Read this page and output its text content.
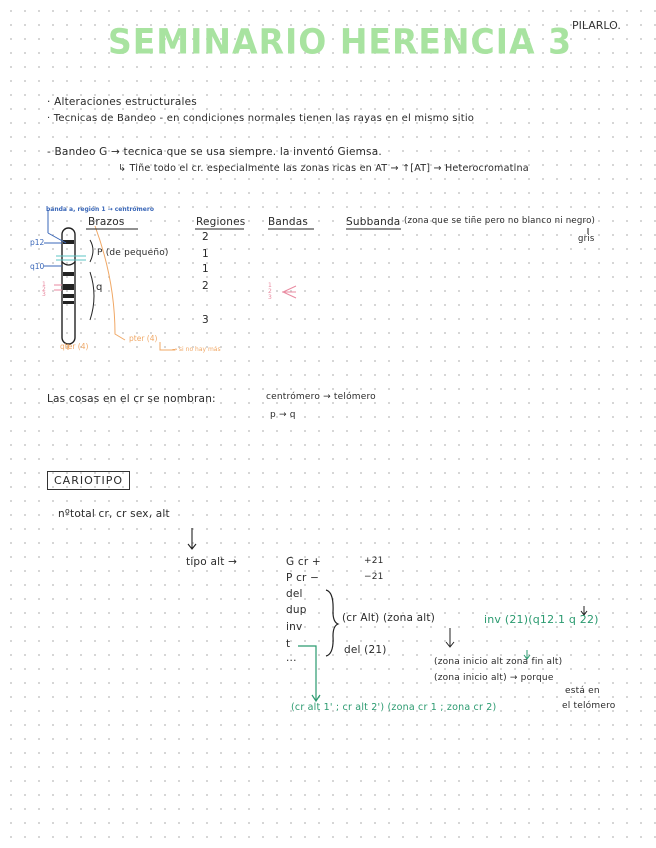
SEMINARIO HERENCIA 3 PILARLO.
· Alteraciones estructurales
· Tecnicas de Bandeo - en condiciones normales tienen las rayas en el mismo sitio
- Bandeo G → tecnica que se usa siempre. la inventó Giemsa.
↳ Tiñe todo el cr. especialmente las zonas ricas en AT → ↑[AT] → Heterocromatina
banda a, región 1 → centrómero
p12
q10
1
2
3
P (de pequeño)
q
qter (4)
pter (4)
→ si no hay más
Brazos	Regiones Bandas	Subbanda (zona que se tiñe pero no blanco ni negro)
gris
2
1
1
2
3
1
2
3
Las cosas en el cr se nombran:	centrómero → telómero
p → q
CARIOTIPO
nºtotal cr, cr sex, alt
tipo alt →	G cr +
P cr −
del
dup
inv
t
...
+21
−21
(cr Alt) (zona alt)	inv (21)(q12.1 q 22)
del (21)
(zona inicio alt zona fin alt)
(zona inicio alt) → porque
está en
el telómero
(cr alt 1' ; cr alt 2') (zona cr 1 ; zona cr 2)
